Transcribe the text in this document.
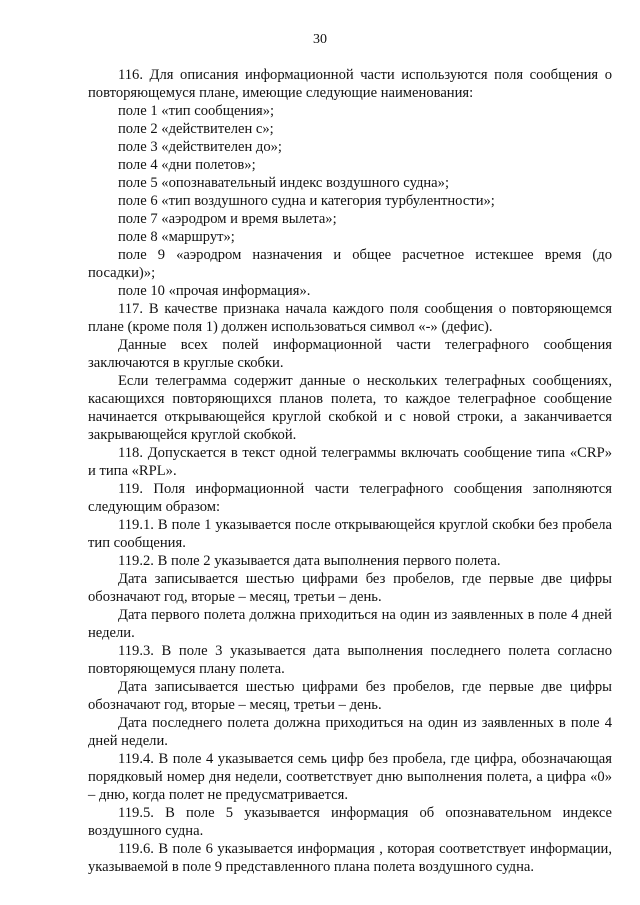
30

116. Для описания информационной части используются поля сообщения о повторяющемуся плане, имеющие следующие наименования:

поле 1 «тип сообщения»;

поле 2 «действителен с»;

поле 3 «действителен до»;

поле 4 «дни полетов»;

поле 5 «опознавательный индекс воздушного судна»;

поле 6 «тип воздушного судна и категория турбулентности»;

поле 7 «аэродром и время вылета»;

поле 8 «маршрут»;

поле 9 «аэродром назначения и общее расчетное истекшее время (до посадки)»;

поле 10 «прочая информация».

117. В качестве признака начала каждого поля сообщения о повторяющемся плане (кроме поля 1) должен использоваться символ «-» (дефис).

Данные всех полей информационной части телеграфного сообщения заключаются в круглые скобки.

Если телеграмма содержит данные о нескольких телеграфных сообщениях, касающихся повторяющихся планов полета, то каждое телеграфное сообщение начинается открывающейся круглой скобкой и с новой строки, а заканчивается закрывающейся круглой скобкой.

118. Допускается в текст одной телеграммы включать сообщение типа «CRP» и типа «RPL».

119. Поля информационной части телеграфного сообщения заполняются следующим образом:

119.1. В поле 1 указывается после открывающейся круглой скобки без пробела тип сообщения.

119.2. В поле 2 указывается дата выполнения первого полета.

Дата записывается шестью цифрами без пробелов, где первые две цифры обозначают год, вторые – месяц, третьи – день.

Дата первого полета должна приходиться на один из заявленных в поле 4 дней недели.

119.3. В поле 3 указывается дата выполнения последнего полета согласно повторяющемуся плану полета.

Дата записывается шестью цифрами без пробелов, где первые две цифры обозначают год, вторые – месяц, третьи – день.

Дата последнего полета должна приходиться на один из заявленных в поле 4 дней недели.

119.4. В поле 4 указывается семь цифр без пробела, где цифра, обозначающая порядковый номер дня недели, соответствует дню выполнения полета, а цифра «0» – дню, когда полет не предусматривается.

119.5. В поле 5 указывается информация об опознавательном индексе воздушного судна.

119.6. В поле 6 указывается информация , которая соответствует информации, указываемой в поле 9 представленного плана полета воздушного судна.
